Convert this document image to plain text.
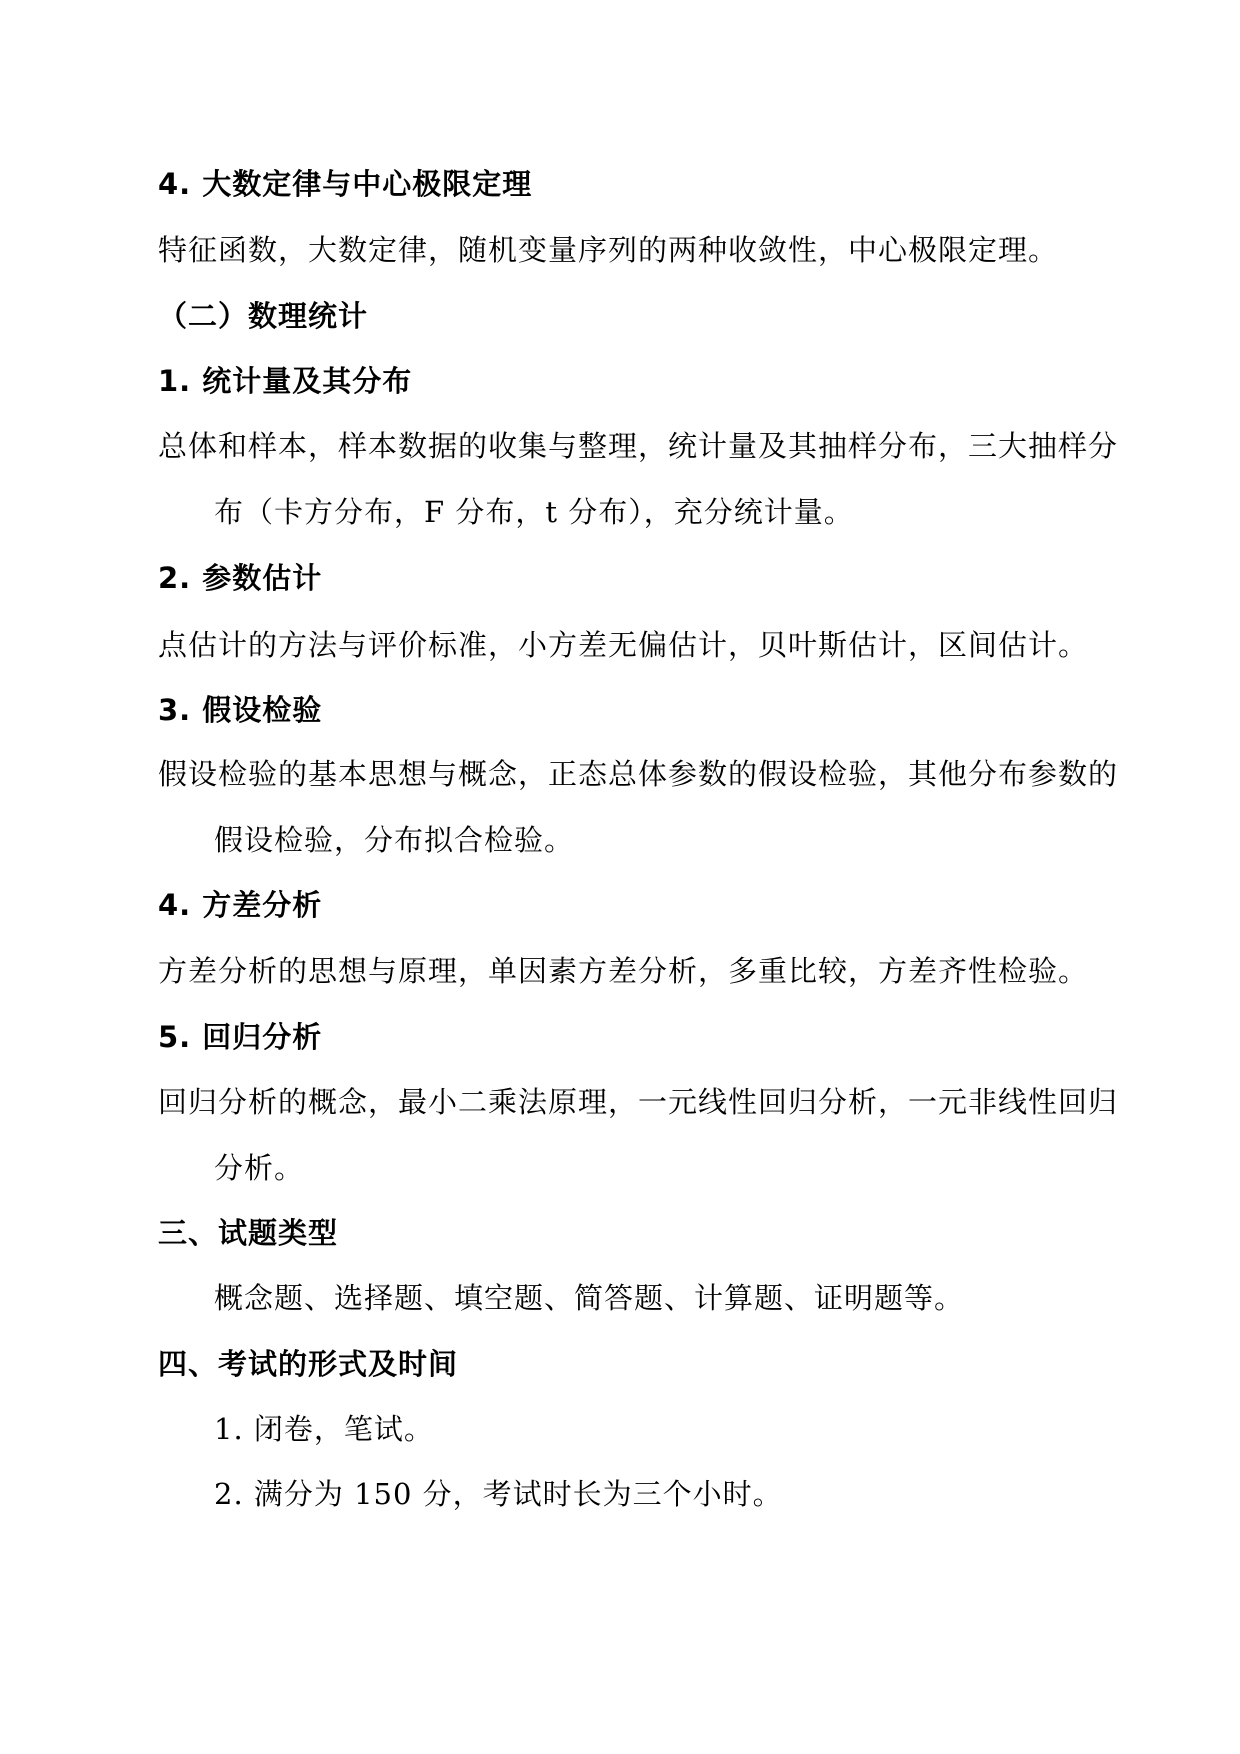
4. 大数定律与中心极限定理
特征函数，大数定律，随机变量序列的两种收敛性，中心极限定理。
（二）数理统计
1. 统计量及其分布
总体和样本，样本数据的收集与整理，统计量及其抽样分布，三大抽样分
布（卡方分布，F 分布，t 分布），充分统计量。
2. 参数估计
点估计的方法与评价标准，小方差无偏估计，贝叶斯估计，区间估计。
3. 假设检验
假设检验的基本思想与概念，正态总体参数的假设检验，其他分布参数的
假设检验，分布拟合检验。
4. 方差分析
方差分析的思想与原理，单因素方差分析，多重比较，方差齐性检验。
5. 回归分析
回归分析的概念，最小二乘法原理，一元线性回归分析，一元非线性回归
分析。
三、试题类型
概念题、选择题、填空题、简答题、计算题、证明题等。
四、考试的形式及时间
1. 闭卷，笔试。
2. 满分为 150 分，考试时长为三个小时。
